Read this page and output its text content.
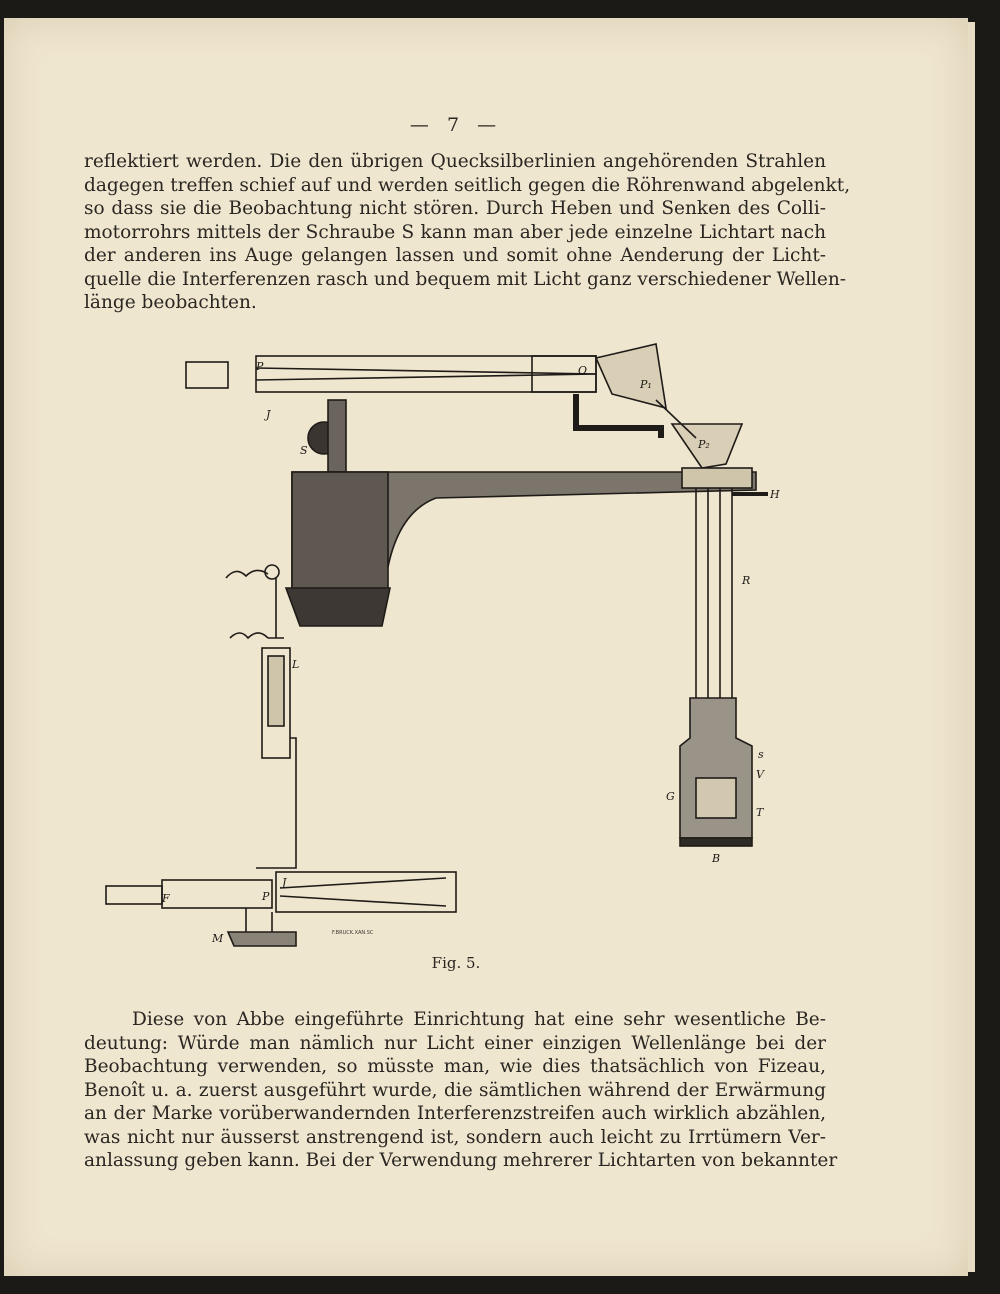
— 7 —
reflektiert werden. Die den übrigen Quecksilberlinien angehörenden Strahlen
dagegen treffen schief auf und werden seitlich gegen die Röhrenwand abgelenkt,
so dass sie die Beobachtung nicht stören. Durch Heben und Senken des Colli-
motorrohrs mittels der Schraube S kann man aber jede einzelne Lichtart nach
der anderen ins Auge gelangen lassen und somit ohne Aenderung der Licht-
quelle die Interferenzen rasch und bequem mit Licht ganz verschiedener Wellen-
länge beobachten.
P
J
O
P₁
P₂
S
H
R
L
s
V
G
T
B
F	P
J
M	F.BRUCK.XAN.SC
Fig. 5.
Diese von Abbe eingeführte Einrichtung hat eine sehr wesentliche Be-
deutung: Würde man nämlich nur Licht einer einzigen Wellenlänge bei der
Beobachtung verwenden, so müsste man, wie dies thatsächlich von Fizeau,
Benoît u. a. zuerst ausgeführt wurde, die sämtlichen während der Erwärmung
an der Marke vorüberwandernden Interferenzstreifen auch wirklich abzählen,
was nicht nur äusserst anstrengend ist, sondern auch leicht zu Irrtümern Ver-
anlassung geben kann. Bei der Verwendung mehrerer Lichtarten von bekannter
